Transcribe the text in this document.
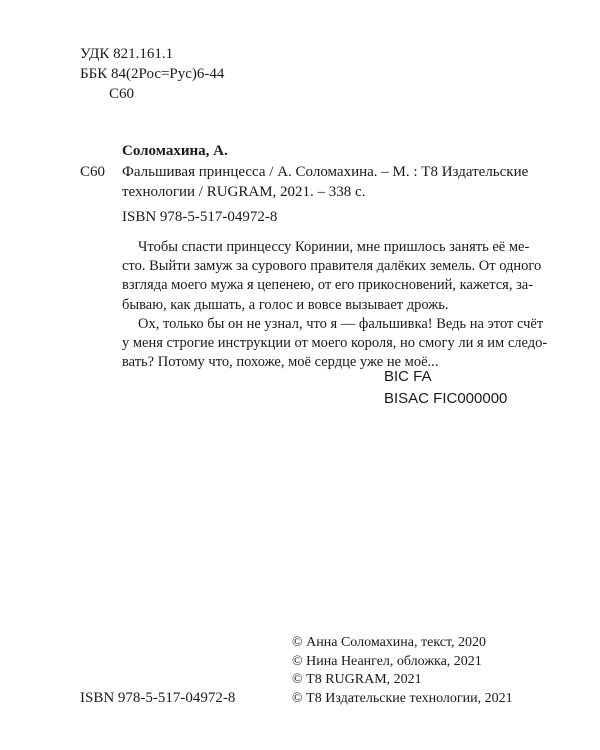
УДК 821.161.1
ББК 84(2Рос=Рус)6-44
С60
Соломахина, А.
С60 Фальшивая принцесса / А. Соломахина. – М. : Т8 Издательские
технологии / RUGRAM, 2021. – 338 с.
ISBN 978-5-517-04972-8
Чтобы спасти принцессу Коринии, мне пришлось занять её ме-
сто. Выйти замуж за сурового правителя далёких земель. От одного
взгляда моего мужа я цепенею, от его прикосновений, кажется, за-
бываю, как дышать, а голос и вовсе вызывает дрожь.
Ох, только бы он не узнал, что я — фальшивка! Ведь на этот счёт
у меня строгие инструкции от моего короля, но смогу ли я им следо-
вать? Потому что, похоже, моё сердце уже не моё...
BIC FA
BISAC FIC000000
ISBN 978-5-517-04972-8
© Анна Соломахина, текст, 2020
© Нина Неангел, обложка, 2021
© Т8 RUGRAM, 2021
© Т8 Издательские технологии, 2021
